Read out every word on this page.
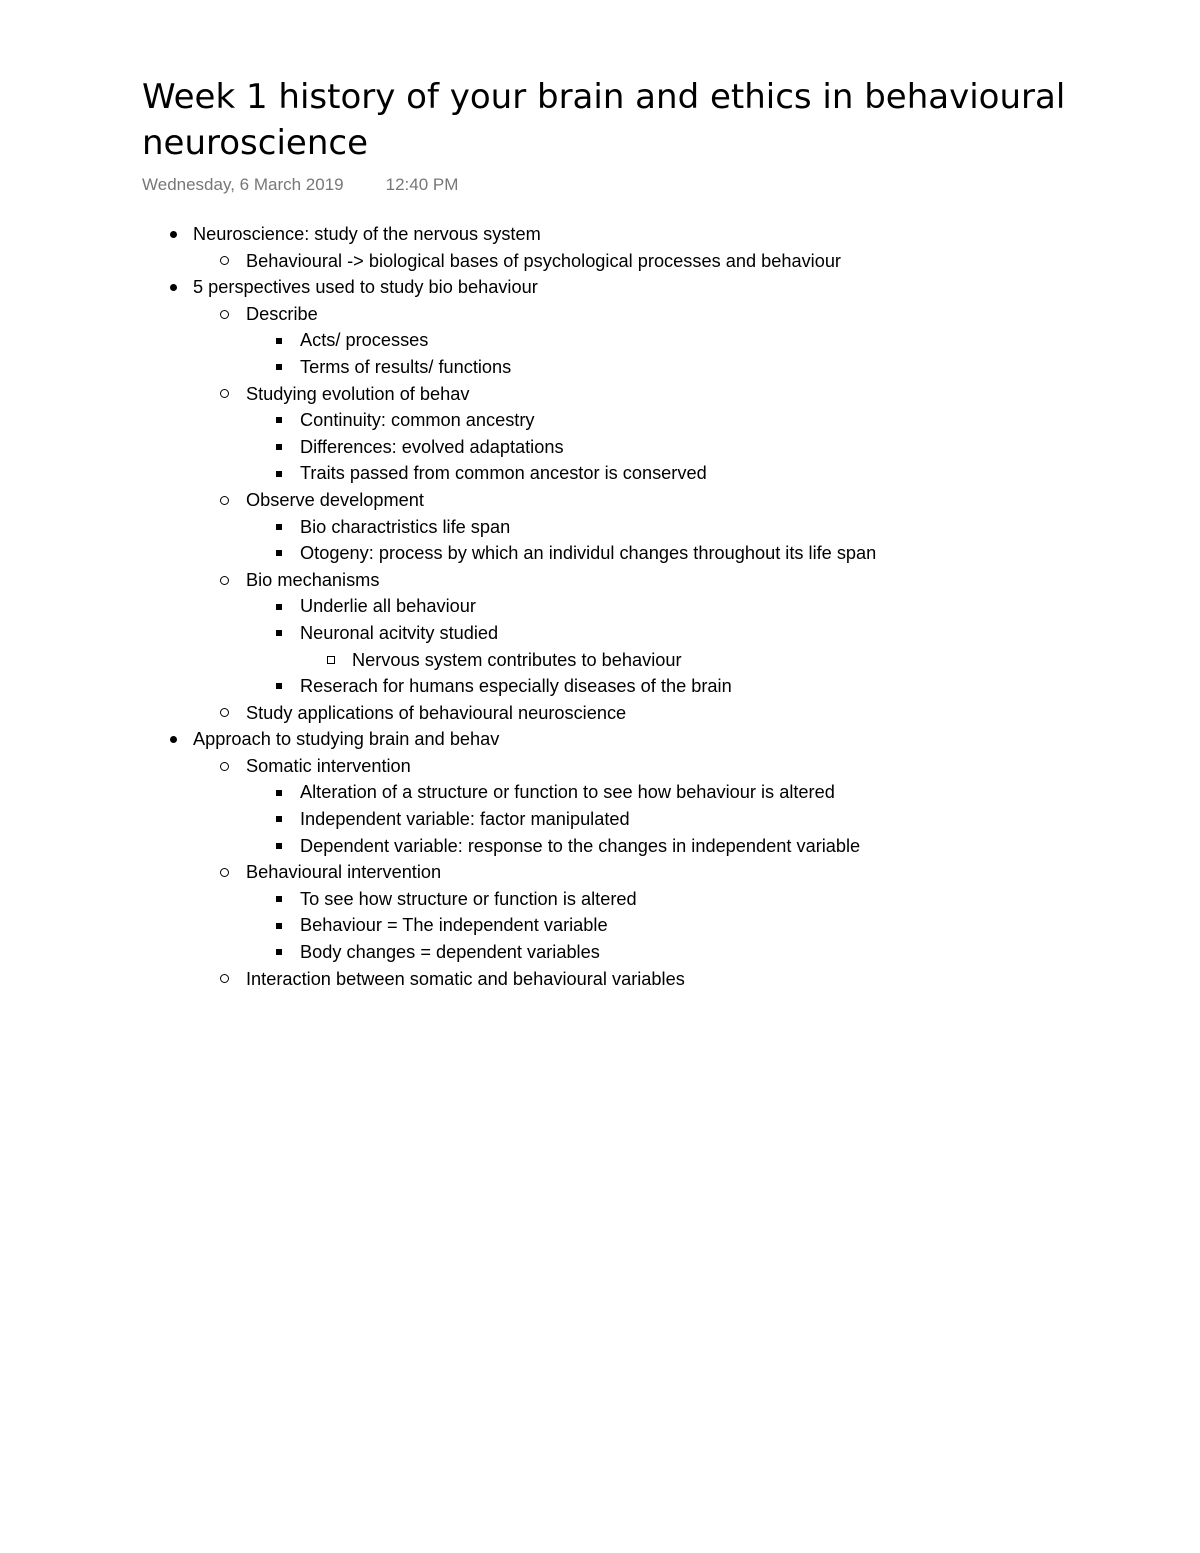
Week 1 history of your brain and ethics in behavioural neuroscience
Wednesday, 6 March 2019 12:40 PM
Neuroscience: study of the nervous system
Behavioural -> biological bases of psychological processes and behaviour
5 perspectives used to study bio behaviour
Describe
Acts/ processes
Terms of results/ functions
Studying evolution of behav
Continuity: common ancestry
Differences: evolved adaptations
Traits passed from common ancestor is conserved
Observe development
Bio charactristics life span
Otogeny: process by which an individul changes throughout its life span
Bio mechanisms
Underlie all behaviour
Neuronal acitvity studied
Nervous system contributes to behaviour
Reserach for humans especially diseases of the brain
Study applications of behavioural neuroscience
Approach to studying brain and behav
Somatic intervention
Alteration of a structure or function to see how behaviour is altered
Independent variable: factor manipulated
Dependent variable: response to the changes in independent variable
Behavioural intervention
To see how structure or function is altered
Behaviour = The independent variable
Body changes = dependent variables
Interaction between somatic and behavioural variables
